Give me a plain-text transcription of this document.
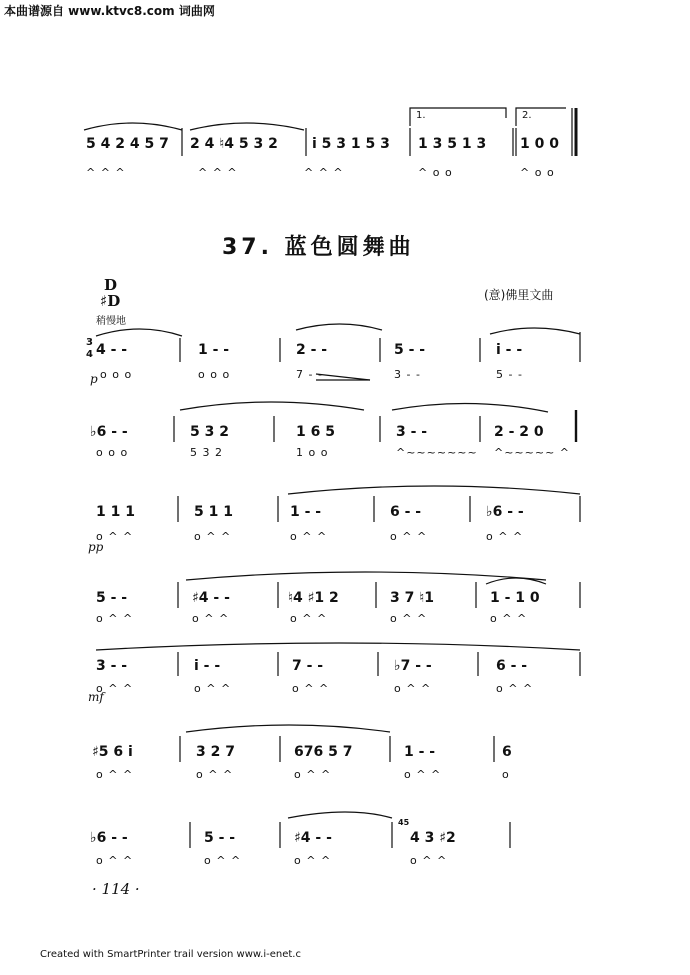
本曲谱源自 www.ktvc8.com 词曲网
5 4 2 4 5 7 2 4 ♮4 5 3 2 i 5 3 1 5 3 1 3 5 1 3 1 0 0
^ ^ ^	^ ^ ^	^ ^ ^	^ o o	^ o o
1.	2.
37. 蓝色圆舞曲
D
♯D
稍慢地
(意)佛里文曲
3
4 4 - -	1 - -	2 - -	5 - -	i - -
o o o	o o o	7 - -	3 - -	5 - -
p
♭6 - -	5 3 2	1 6 5	3 - -	2 - 2 0
o o o	5 3 2	1 o o	^~~~~~~~ ^~~~~~ ^
1 1 1	5 1 1	1 - -	6 - -	♭6 - -
o ^ ^	o ^ ^	o ^ ^	o ^ ^	o ^ ^
pp
5 - -	♯4 - -	♮4 ♯1 2	3 7 ♮1	1 - 1 0
o ^ ^	o ^ ^	o ^ ^	o ^ ^	o ^ ^
3 - -	i - -	7 - -	♭7 - -	6 - -
o ^ ^	o ^ ^	o ^ ^	o ^ ^	o ^ ^
mf
♯5 6 i	3 2 7	676 5 7	1 - -	6
o ^ ^	o ^ ^	o ^ ^	o ^ ^	o
♭6 - -	5 - -	♯4 - -	4 3 ♯2
45
o ^ ^	o ^ ^	o ^ ^	o ^ ^
· 114 ·
Created with SmartPrinter trail version www.i-enet.c
